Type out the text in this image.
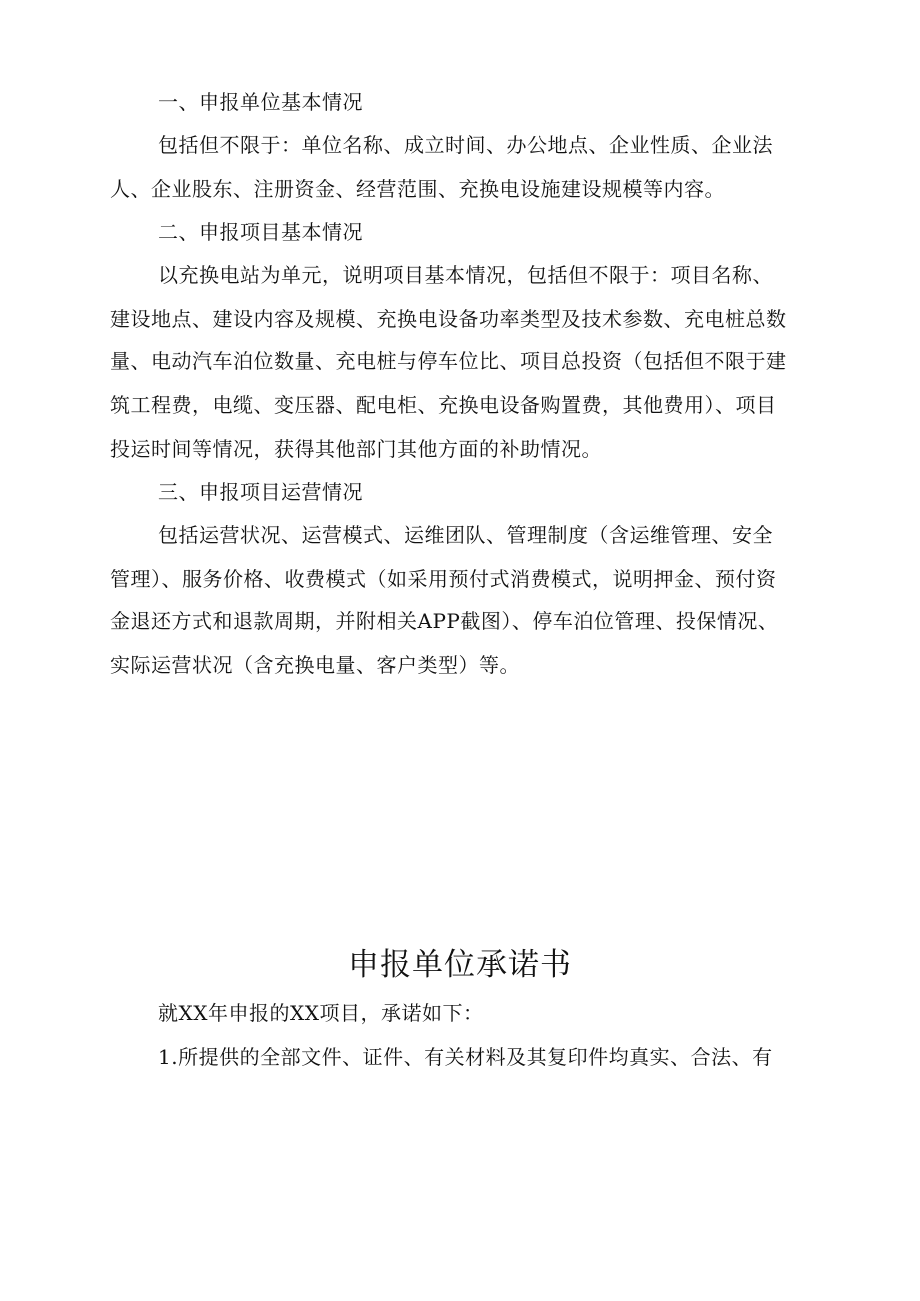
一、申报单位基本情况
包括但不限于：单位名称、成立时间、办公地点、企业性质、企业法
人、企业股东、注册资金、经营范围、充换电设施建设规模等内容。
二、申报项目基本情况
以充换电站为单元，说明项目基本情况，包括但不限于：项目名称、
建设地点、建设内容及规模、充换电设备功率类型及技术参数、充电桩总数
量、电动汽车泊位数量、充电桩与停车位比、项目总投资（包括但不限于建
筑工程费，电缆、变压器、配电柜、充换电设备购置费，其他费用）、项目
投运时间等情况，获得其他部门其他方面的补助情况。
三、申报项目运营情况
包括运营状况、运营模式、运维团队、管理制度（含运维管理、安全
管理）、服务价格、收费模式（如采用预付式消费模式，说明押金、预付资
金退还方式和退款周期，并附相关APP截图）、停车泊位管理、投保情况、
实际运营状况（含充换电量、客户类型）等。
申报单位承诺书
就XX年申报的XX项目，承诺如下：
1.所提供的全部文件、证件、有关材料及其复印件均真实、合法、有
